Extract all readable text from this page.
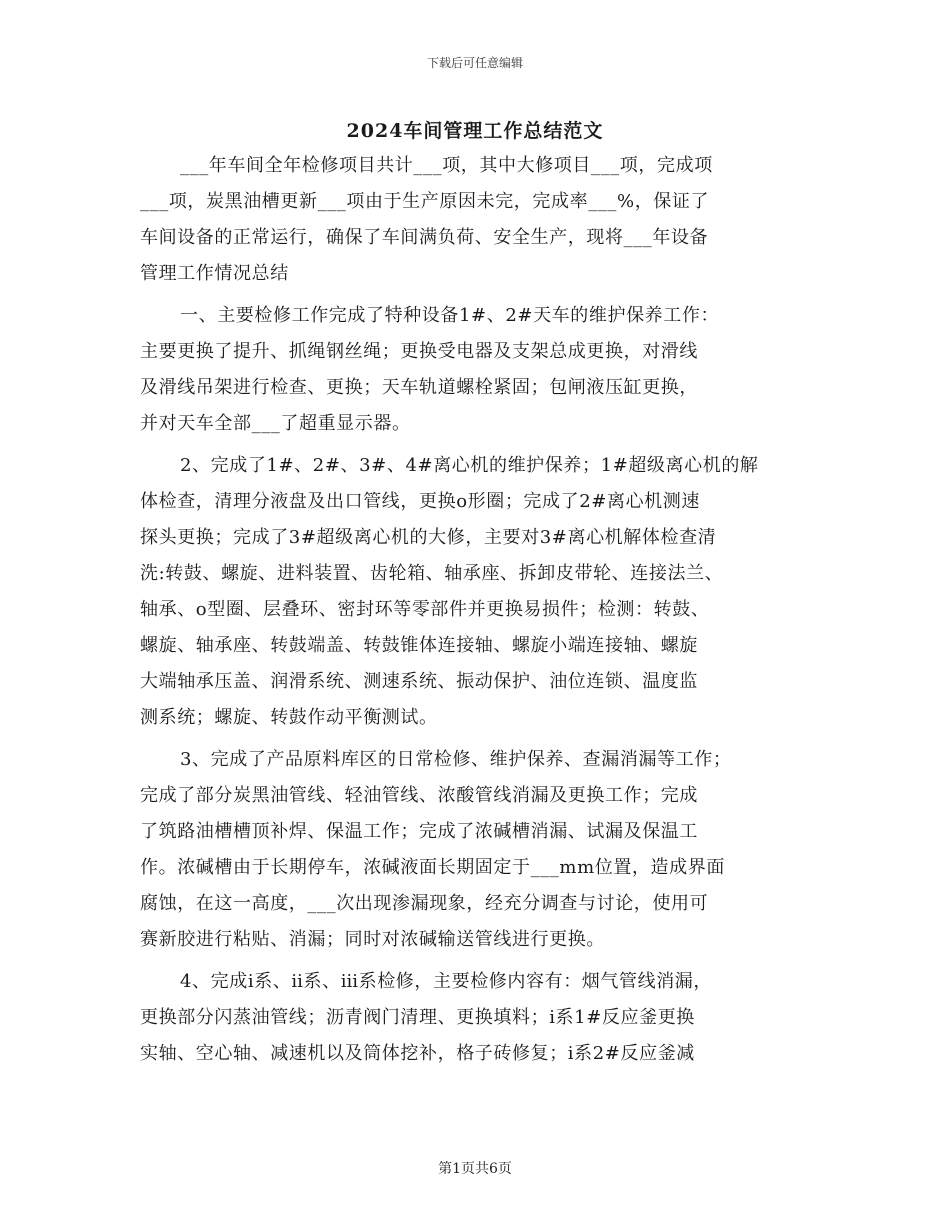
下载后可任意编辑
2024车间管理工作总结范文
___年车间全年检修项目共计___项，其中大修项目___项，完成项
___项，炭黑油槽更新___项由于生产原因未完，完成率___%，保证了
车间设备的正常运行，确保了车间满负荷、安全生产，现将___年设备
管理工作情况总结
一、主要检修工作完成了特种设备1#、2#天车的维护保养工作：
主要更换了提升、抓绳钢丝绳；更换受电器及支架总成更换，对滑线
及滑线吊架进行检查、更换；天车轨道螺栓紧固；包闸液压缸更换，
并对天车全部___了超重显示器。
2、完成了1#、2#、3#、4#离心机的维护保养；1#超级离心机的解
体检查，清理分液盘及出口管线，更换o形圈；完成了2#离心机测速
探头更换；完成了3#超级离心机的大修，主要对3#离心机解体检查清
洗:转鼓、螺旋、进料装置、齿轮箱、轴承座、拆卸皮带轮、连接法兰、
轴承、o型圈、层叠环、密封环等零部件并更换易损件；检测：转鼓、
螺旋、轴承座、转鼓端盖、转鼓锥体连接轴、螺旋小端连接轴、螺旋
大端轴承压盖、润滑系统、测速系统、振动保护、油位连锁、温度监
测系统；螺旋、转鼓作动平衡测试。
3、完成了产品原料库区的日常检修、维护保养、查漏消漏等工作；
完成了部分炭黑油管线、轻油管线、浓酸管线消漏及更换工作；完成
了筑路油槽槽顶补焊、保温工作；完成了浓碱槽消漏、试漏及保温工
作。浓碱槽由于长期停车，浓碱液面长期固定于___mm位置，造成界面
腐蚀，在这一高度，___次出现渗漏现象，经充分调查与讨论，使用可
赛新胶进行粘贴、消漏；同时对浓碱输送管线进行更换。
4、完成ⅰ系、ⅱ系、ⅲ系检修，主要检修内容有：烟气管线消漏，
更换部分闪蒸油管线；沥青阀门清理、更换填料；ⅰ系1#反应釜更换
实轴、空心轴、减速机以及筒体挖补，格子砖修复；ⅰ系2#反应釜减
第1页共6页
